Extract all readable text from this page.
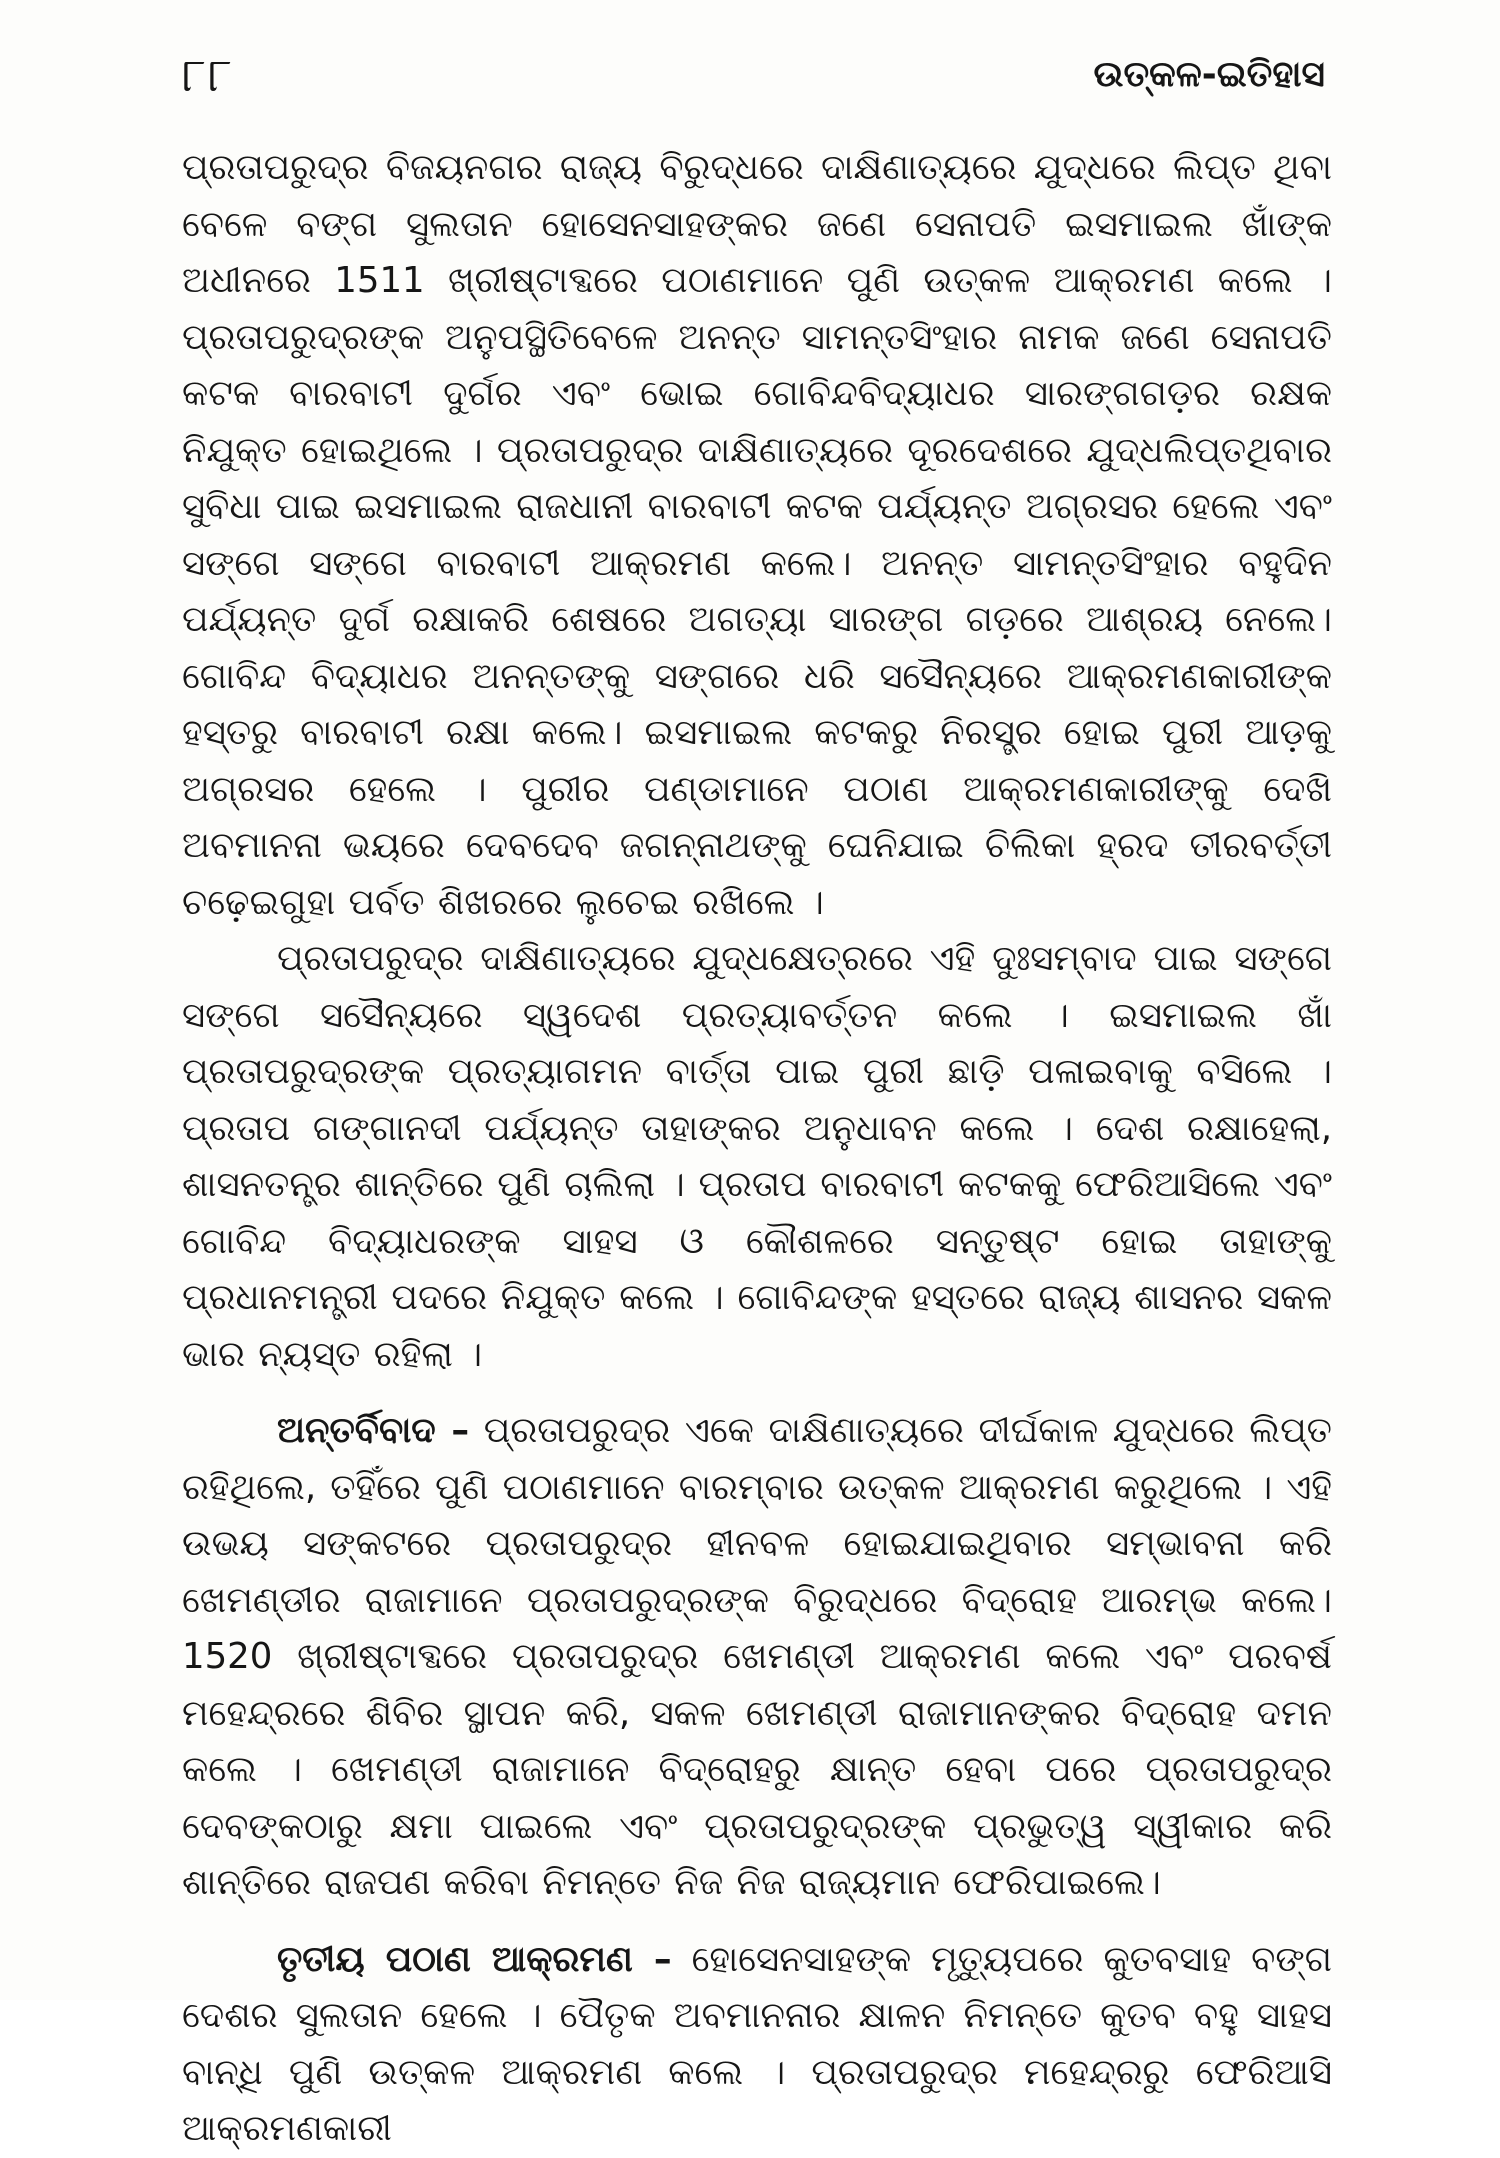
୮୮	ଉତ୍କଳ-ଇତିହାସ

ପ୍ରତାପରୁଦ୍ର ବିଜୟନଗର ରାଜ୍ୟ ବିରୁଦ୍ଧରେ ଦାକ୍ଷିଣାତ୍ୟରେ ଯୁଦ୍ଧରେ ଲିପ୍ତ ଥିବା ବେଳେ ବଙ୍ଗ ସୁଲତାନ ହୋସେନସାହଙ୍କର ଜଣେ ସେନାପତି ଇସମାଇଲ ଖାଁଙ୍କ ଅଧୀନରେ 1511 ଖ୍ରୀଷ୍ଟାବ୍ଦରେ ପଠାଣମାନେ ପୁଣି ଉତ୍କଳ ଆକ୍ରମଣ କଲେ । ପ୍ରତାପରୁଦ୍ରଙ୍କ ଅନୁପସ୍ଥିତିବେଳେ ଅନନ୍ତ ସାମନ୍ତସିଂହାର ନାମକ ଜଣେ ସେନାପତି କଟକ ବାରବାଟୀ ଦୁର୍ଗର ଏବଂ ଭୋଇ ଗୋବିନ୍ଦବିଦ୍ୟାଧର ସାରଙ୍ଗଗଡ଼ର ରକ୍ଷକ ନିଯୁକ୍ତ ହୋଇଥିଲେ । ପ୍ରତାପରୁଦ୍ର ଦାକ୍ଷିଣାତ୍ୟରେ ଦୂରଦେଶରେ ଯୁଦ୍ଧଲିପ୍ତଥିବାର ସୁବିଧା ପାଇ ଇସମାଇଲ ରାଜଧାନୀ ବାରବାଟୀ କଟକ ପର୍ଯ୍ୟନ୍ତ ଅଗ୍ରସର ହେଲେ ଏବଂ ସଙ୍ଗେ ସଙ୍ଗେ ବାରବାଟୀ ଆକ୍ରମଣ କଲେ। ଅନନ୍ତ ସାମନ୍ତସିଂହାର ବହୁଦିନ ପର୍ଯ୍ୟନ୍ତ ଦୁର୍ଗ ରକ୍ଷାକରି ଶେଷରେ ଅଗତ୍ୟା ସାରଙ୍ଗ ଗଡ଼ରେ ଆଶ୍ରୟ ନେଲେ। ଗୋବିନ୍ଦ ବିଦ୍ୟାଧର ଅନନ୍ତଙ୍କୁ ସଙ୍ଗରେ ଧରି ସସୈନ୍ୟରେ ଆକ୍ରମଣକାରୀଙ୍କ ହସ୍ତରୁ ବାରବାଟୀ ରକ୍ଷା କଲେ। ଇସମାଇଲ କଟକରୁ ନିରସ୍ତ୍ର ହୋଇ ପୁରୀ ଆଡ଼କୁ ଅଗ୍ରସର ହେଲେ । ପୁରୀର ପଣ୍ଡାମାନେ ପଠାଣ ଆକ୍ରମଣକାରୀଙ୍କୁ ଦେଖି ଅବମାନନା ଭୟରେ ଦେବଦେବ ଜଗନ୍ନାଥଙ୍କୁ ଘେନିଯାଇ ଚିଲିକା ହ୍ରଦ ତୀରବର୍ତ୍ତୀ ଚଢ଼େଇଗୁହା ପର୍ବତ ଶିଖରରେ ଲୁଚେଇ ରଖିଲେ ।

ପ୍ରତାପରୁଦ୍ର ଦାକ୍ଷିଣାତ୍ୟରେ ଯୁଦ୍ଧକ୍ଷେତ୍ରରେ ଏହି ଦୁଃସମ୍ବାଦ ପାଇ ସଙ୍ଗେ ସଙ୍ଗେ ସସୈନ୍ୟରେ ସ୍ୱଦେଶ ପ୍ରତ୍ୟାବର୍ତ୍ତନ କଲେ । ଇସମାଇଲ ଖାଁ ପ୍ରତାପରୁଦ୍ରଙ୍କ ପ୍ରତ୍ୟାଗମନ ବାର୍ତ୍ତା ପାଇ ପୁରୀ ଛାଡ଼ି ପଳାଇବାକୁ ବସିଲେ । ପ୍ରତାପ ଗଙ୍ଗାନଦୀ ପର୍ଯ୍ୟନ୍ତ ତାହାଙ୍କର ଅନୁଧାବନ କଲେ । ଦେଶ ରକ୍ଷାହେଲା, ଶାସନତନ୍ତ୍ର ଶାନ୍ତିରେ ପୁଣି ଚାଲିଲା । ପ୍ରତାପ ବାରବାଟୀ କଟକକୁ ଫେରିଆସିଲେ ଏବଂ ଗୋବିନ୍ଦ ବିଦ୍ୟାଧରଙ୍କ ସାହସ ଓ କୌଶଳରେ ସନ୍ତୁଷ୍ଟ ହୋଇ ତାହାଙ୍କୁ ପ୍ରଧାନମନ୍ତ୍ରୀ ପଦରେ ନିଯୁକ୍ତ କଲେ । ଗୋବିନ୍ଦଙ୍କ ହସ୍ତରେ ରାଜ୍ୟ ଶାସନର ସକଳ ଭାର ନ୍ୟସ୍ତ ରହିଲା ।

ଅନ୍ତର୍ବିବାଦ – ପ୍ରତାପରୁଦ୍ର ଏକେ ଦାକ୍ଷିଣାତ୍ୟରେ ଦୀର୍ଘକାଳ ଯୁଦ୍ଧରେ ଲିପ୍ତ ରହିଥିଲେ, ତହିଁରେ ପୁଣି ପଠାଣମାନେ ବାରମ୍ବାର ଉତ୍କଳ ଆକ୍ରମଣ କରୁଥିଲେ । ଏହି ଉଭୟ ସଙ୍କଟରେ ପ୍ରତାପରୁଦ୍ର ହୀନବଳ ହୋଇଯାଇଥିବାର ସମ୍ଭାବନା କରି ଖେମଣ୍ଡୀର ରାଜାମାନେ ପ୍ରତାପରୁଦ୍ରଙ୍କ ବିରୁଦ୍ଧରେ ବିଦ୍ରୋହ ଆରମ୍ଭ କଲେ। 1520 ଖ୍ରୀଷ୍ଟାବ୍ଦରେ ପ୍ରତାପରୁଦ୍ର ଖେମଣ୍ଡୀ ଆକ୍ରମଣ କଲେ ଏବଂ ପରବର୍ଷ ମହେନ୍ଦ୍ରରେ ଶିବିର ସ୍ଥାପନ କରି, ସକଳ ଖେମଣ୍ଡୀ ରାଜାମାନଙ୍କର ବିଦ୍ରୋହ ଦମନ କଲେ । ଖେମଣ୍ଡୀ ରାଜାମାନେ ବିଦ୍ରୋହରୁ କ୍ଷାନ୍ତ ହେବା ପରେ ପ୍ରତାପରୁଦ୍ର ଦେବଙ୍କଠାରୁ କ୍ଷମା ପାଇଲେ ଏବଂ ପ୍ରତାପରୁଦ୍ରଙ୍କ ପ୍ରଭୁତ୍ୱ ସ୍ୱୀକାର କରି ଶାନ୍ତିରେ ରାଜପଣ କରିବା ନିମନ୍ତେ ନିଜ ନିଜ ରାଜ୍ୟମାନ ଫେରିପାଇଲେ।

ତୃତୀୟ ପଠାଣ ଆକ୍ରମଣ – ହୋସେନସାହଙ୍କ ମୃତ୍ୟୁପରେ କୁତବସାହ ବଙ୍ଗ ଦେଶର ସୁଲତାନ ହେଲେ । ପୈତୃକ ଅବମାନନାର କ୍ଷାଳନ ନିମନ୍ତେ କୁତବ ବହୁ ସାହସ ବାନ୍ଧି ପୁଣି ଉତ୍କଳ ଆକ୍ରମଣ କଲେ । ପ୍ରତାପରୁଦ୍ର ମହେନ୍ଦ୍ରରୁ ଫେରିଆସି ଆକ୍ରମଣକାରୀ
